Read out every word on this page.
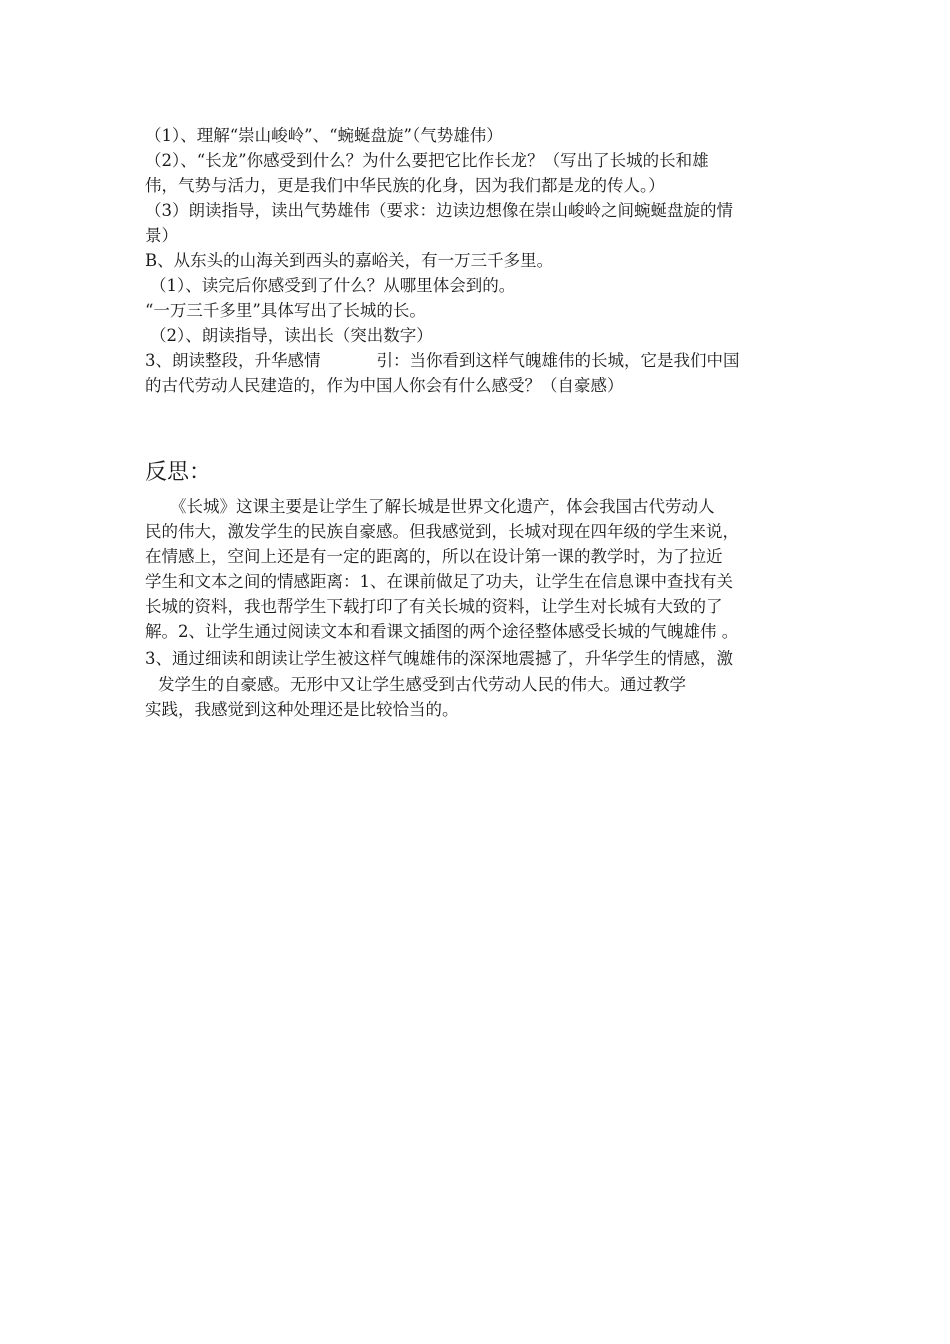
（1）、理解“崇山峻岭”、“蜿蜒盘旋”（气势雄伟）
（2）、“长龙”你感受到什么？为什么要把它比作长龙？（写出了长城的长和雄
伟，气势与活力，更是我们中华民族的化身，因为我们都是龙的传人。）
（3）朗读指导，读出气势雄伟（要求：边读边想像在崇山峻岭之间蜿蜒盘旋的情
景）
B、从东头的山海关到西头的嘉峪关，有一万三千多里。
（1）、读完后你感受到了什么？从哪里体会到的。
“一万三千多里”具体写出了长城的长。
（2）、朗读指导，读出长（突出数字）
3、朗读整段，升华感情	引：当你看到这样气魄雄伟的长城，它是我们中国
的古代劳动人民建造的，作为中国人你会有什么感受？（自豪感）
反思：
《长城》这课主要是让学生了解长城是世界文化遗产，体会我国古代劳动人
民的伟大，激发学生的民族自豪感。但我感觉到，长城对现在四年级的学生来说，
在情感上，空间上还是有一定的距离的，所以在设计第一课的教学时，为了拉近
学生和文本之间的情感距离：1、在课前做足了功夫，让学生在信息课中查找有关
长城的资料，我也帮学生下载打印了有关长城的资料，让学生对长城有大致的了
解。2、让学生通过阅读文本和看课文插图的两个途径整体感受长城的气魄雄伟 。
3、通过细读和朗读让学生被这样气魄雄伟的深深地震撼了，升华学生的情感，激
发学生的自豪感。无形中又让学生感受到古代劳动人民的伟大。通过教学
实践，我感觉到这种处理还是比较恰当的。
